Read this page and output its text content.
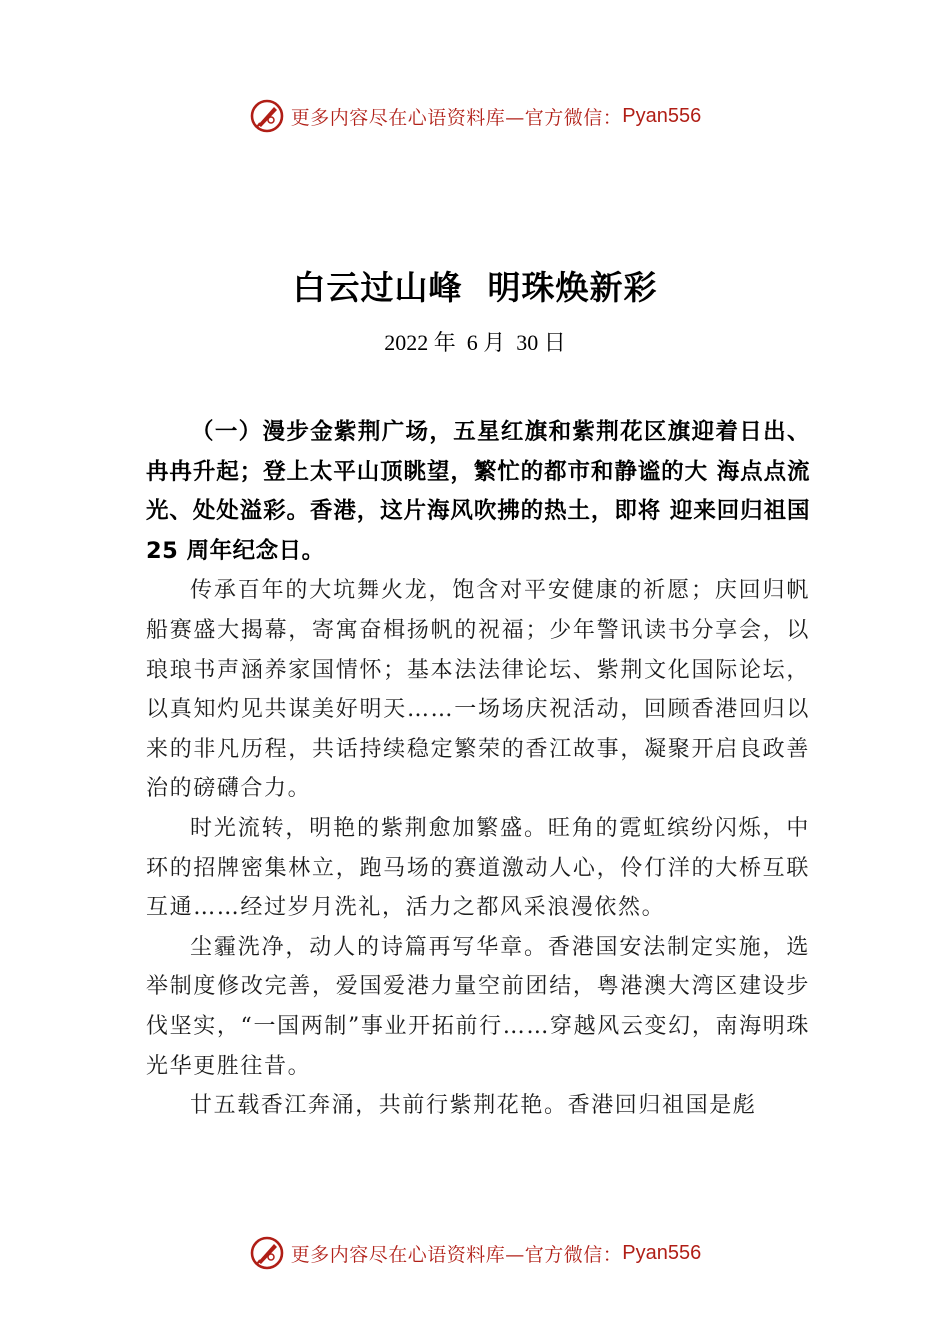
更多内容尽在心语资料库—官方微信： Pyan556
白云过山峰  明珠焕新彩
2022 年  6 月  30 日

（一）漫步金紫荆广场，五星红旗和紫荆花区旗迎着日出、冉冉升起；登上太平山顶眺望，繁忙的都市和静谧的大 海点点流光、处处溢彩。香港，这片海风吹拂的热土，即将 迎来回归祖国 25 周年纪念日。

传承百年的大坑舞火龙，饱含对平安健康的祈愿；庆回归帆船赛盛大揭幕，寄寓奋楫扬帆的祝福；少年警讯读书分享会，以琅琅书声涵养家国情怀；基本法法律论坛、紫荆文化国际论坛，以真知灼见共谋美好明天……一场场庆祝活动，回顾香港回归以来的非凡历程，共话持续稳定繁荣的香江故事，凝聚开启良政善治的磅礴合力。

时光流转，明艳的紫荆愈加繁盛。旺角的霓虹缤纷闪烁，中环的招牌密集林立，跑马场的赛道激动人心，伶仃洋的大桥互联互通……经过岁月洗礼，活力之都风采浪漫依然。

尘霾洗净，动人的诗篇再写华章。香港国安法制定实施，选举制度修改完善，爱国爱港力量空前团结，粤港澳大湾区建设步伐坚实，“一国两制”事业开拓前行……穿越风云变幻，南海明珠光华更胜往昔。

廿五载香江奔涌，共前行紫荆花艳。香港回归祖国是彪

更多内容尽在心语资料库—官方微信： Pyan556
